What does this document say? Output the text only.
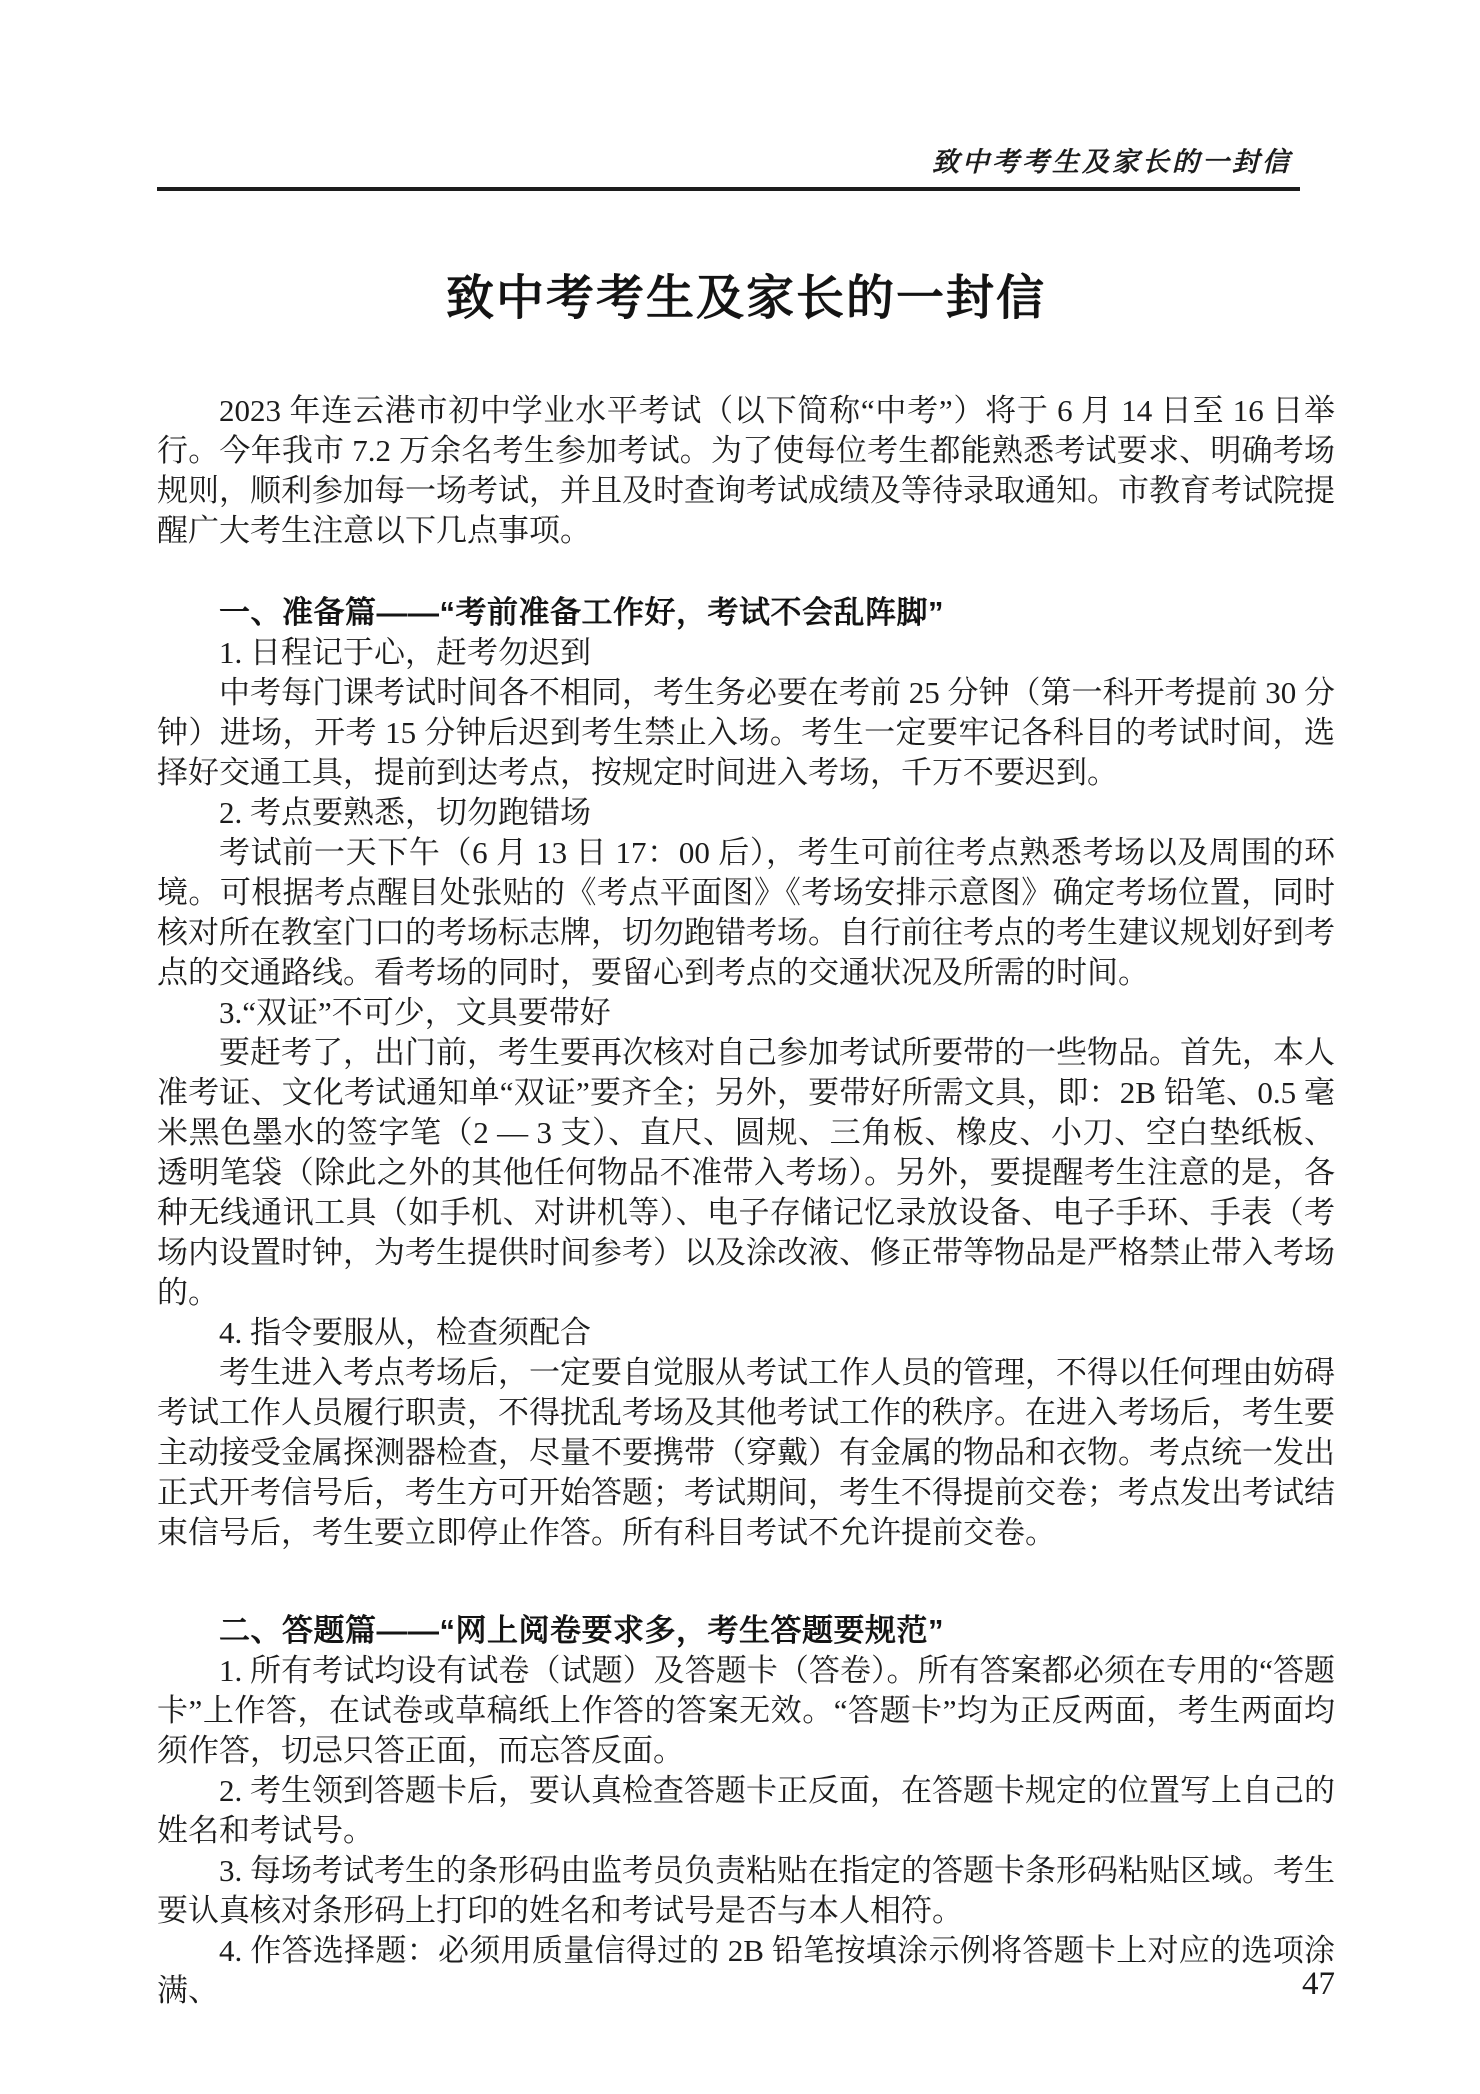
致中考考生及家长的一封信
致中考考生及家长的一封信

2023 年连云港市初中学业水平考试（以下简称“中考”）将于 6 月 14 日至 16 日举行。今年我市 7.2 万余名考生参加考试。为了使每位考生都能熟悉考试要求、明确考场规则，顺利参加每一场考试，并且及时查询考试成绩及等待录取通知。市教育考试院提醒广大考生注意以下几点事项。

一、准备篇——“考前准备工作好，考试不会乱阵脚”

1. 日程记于心，赶考勿迟到

中考每门课考试时间各不相同，考生务必要在考前 25 分钟（第一科开考提前 30 分钟）进场，开考 15 分钟后迟到考生禁止入场。考生一定要牢记各科目的考试时间，选择好交通工具，提前到达考点，按规定时间进入考场，千万不要迟到。

2. 考点要熟悉，切勿跑错场

考试前一天下午（6 月 13 日 17：00 后），考生可前往考点熟悉考场以及周围的环境。可根据考点醒目处张贴的《考点平面图》《考场安排示意图》确定考场位置，同时核对所在教室门口的考场标志牌，切勿跑错考场。自行前往考点的考生建议规划好到考点的交通路线。看考场的同时，要留心到考点的交通状况及所需的时间。

3.“双证”不可少，文具要带好

要赶考了，出门前，考生要再次核对自己参加考试所要带的一些物品。首先，本人准考证、文化考试通知单“双证”要齐全；另外，要带好所需文具，即：2B 铅笔、0.5 毫米黑色墨水的签字笔（2 — 3 支）、直尺、圆规、三角板、橡皮、小刀、空白垫纸板、透明笔袋（除此之外的其他任何物品不准带入考场）。另外，要提醒考生注意的是，各种无线通讯工具（如手机、对讲机等）、电子存储记忆录放设备、电子手环、手表（考场内设置时钟，为考生提供时间参考）以及涂改液、修正带等物品是严格禁止带入考场的。

4. 指令要服从，检查须配合

考生进入考点考场后，一定要自觉服从考试工作人员的管理，不得以任何理由妨碍考试工作人员履行职责，不得扰乱考场及其他考试工作的秩序。在进入考场后，考生要主动接受金属探测器检查，尽量不要携带（穿戴）有金属的物品和衣物。考点统一发出正式开考信号后，考生方可开始答题；考试期间，考生不得提前交卷；考点发出考试结束信号后，考生要立即停止作答。所有科目考试不允许提前交卷。

二、答题篇——“网上阅卷要求多，考生答题要规范”

1. 所有考试均设有试卷（试题）及答题卡（答卷）。所有答案都必须在专用的“答题卡”上作答，在试卷或草稿纸上作答的答案无效。“答题卡”均为正反两面，考生两面均须作答，切忌只答正面，而忘答反面。

2. 考生领到答题卡后，要认真检查答题卡正反面，在答题卡规定的位置写上自己的姓名和考试号。

3. 每场考试考生的条形码由监考员负责粘贴在指定的答题卡条形码粘贴区域。考生要认真核对条形码上打印的姓名和考试号是否与本人相符。

4. 作答选择题：必须用质量信得过的 2B 铅笔按填涂示例将答题卡上对应的选项涂满、	47
